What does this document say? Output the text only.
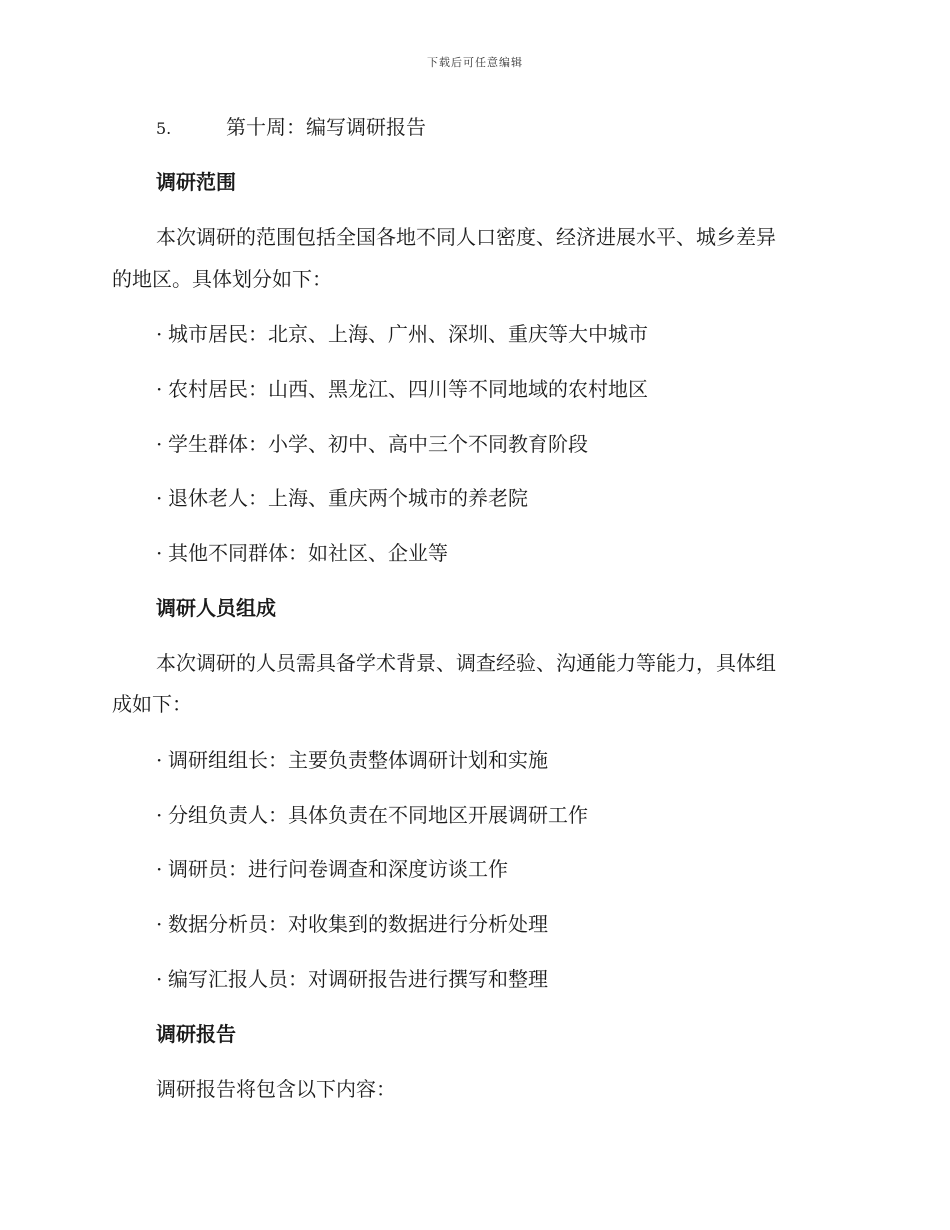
下载后可任意编辑
5.	第十周：编写调研报告
调研范围
本次调研的范围包括全国各地不同人口密度、经济进展水平、城乡差异
的地区。具体划分如下：
· 城市居民：北京、上海、广州、深圳、重庆等大中城市
· 农村居民：山西、黑龙江、四川等不同地域的农村地区
· 学生群体：小学、初中、高中三个不同教育阶段
· 退休老人：上海、重庆两个城市的养老院
· 其他不同群体：如社区、企业等
调研人员组成
本次调研的人员需具备学术背景、调查经验、沟通能力等能力，具体组
成如下：
· 调研组组长：主要负责整体调研计划和实施
· 分组负责人：具体负责在不同地区开展调研工作
· 调研员：进行问卷调查和深度访谈工作
· 数据分析员：对收集到的数据进行分析处理
· 编写汇报人员：对调研报告进行撰写和整理
调研报告
调研报告将包含以下内容：
